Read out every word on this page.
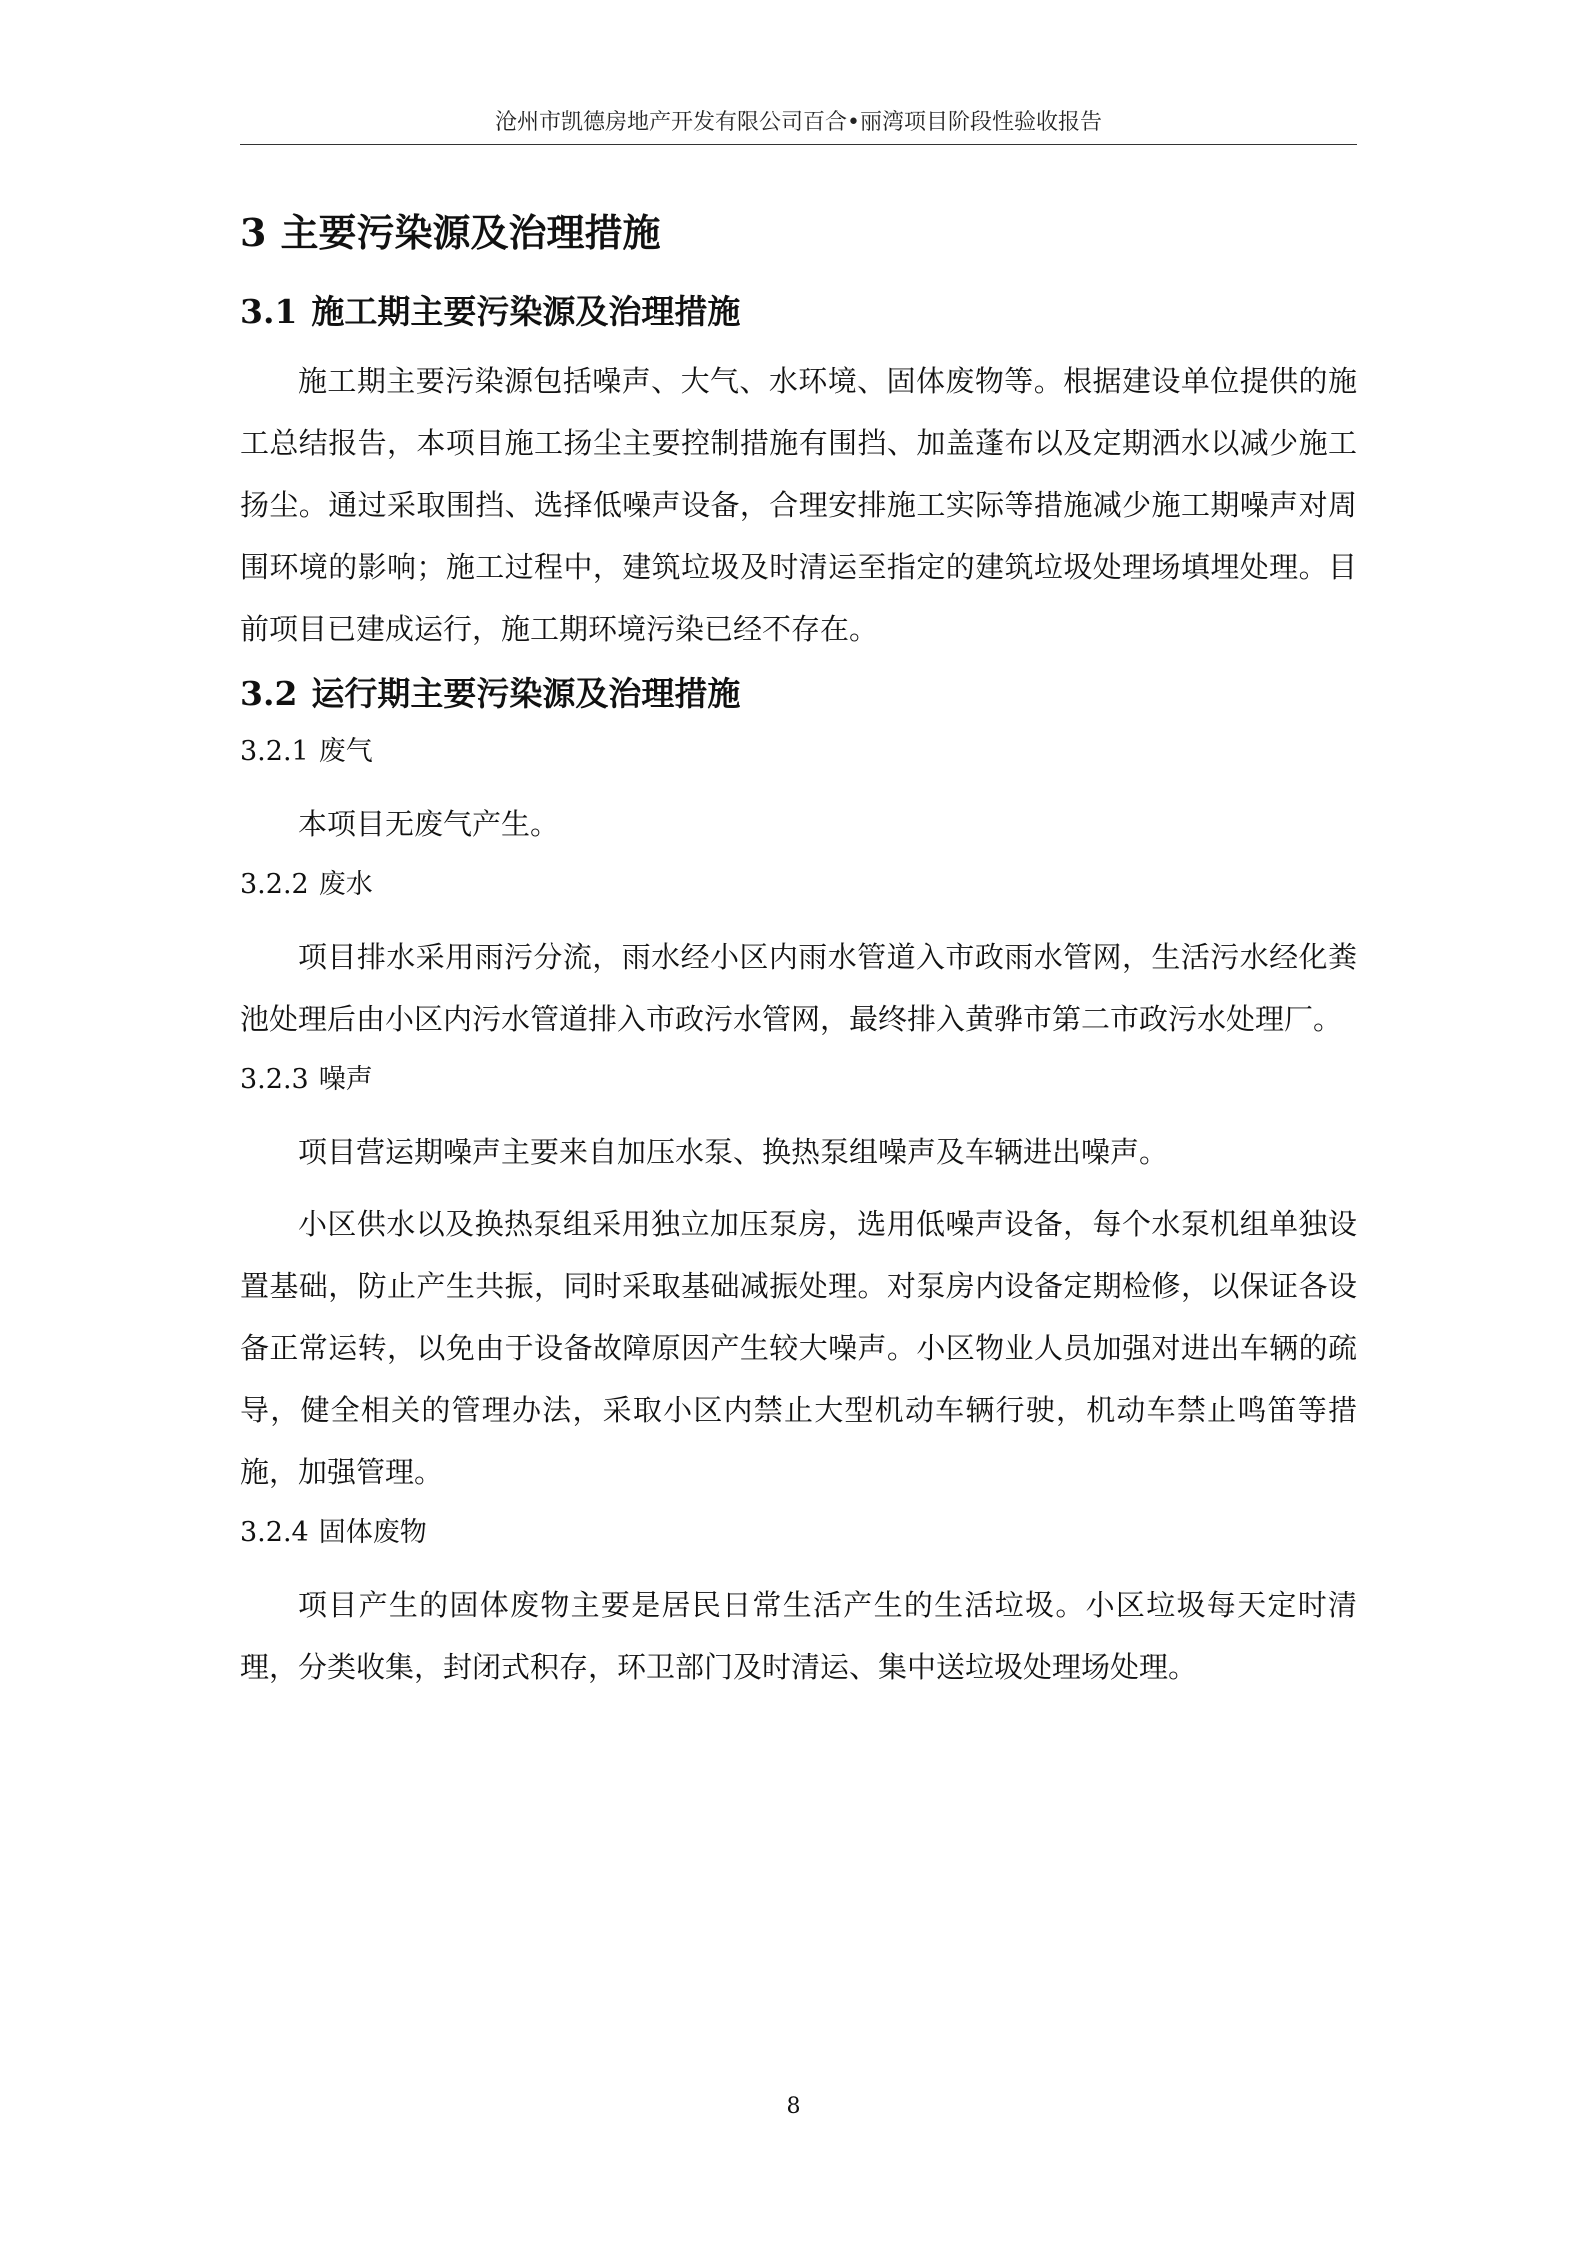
沧州市凯德房地产开发有限公司百合•丽湾项目阶段性验收报告
3 主要污染源及治理措施
3.1 施工期主要污染源及治理措施
施工期主要污染源包括噪声、大气、水环境、固体废物等。根据建设单位提供的施工总结报告，本项目施工扬尘主要控制措施有围挡、加盖蓬布以及定期洒水以减少施工扬尘。通过采取围挡、选择低噪声设备，合理安排施工实际等措施减少施工期噪声对周围环境的影响；施工过程中，建筑垃圾及时清运至指定的建筑垃圾处理场填埋处理。目前项目已建成运行，施工期环境污染已经不存在。
3.2 运行期主要污染源及治理措施
3.2.1 废气
本项目无废气产生。
3.2.2 废水
项目排水采用雨污分流，雨水经小区内雨水管道入市政雨水管网，生活污水经化粪池处理后由小区内污水管道排入市政污水管网，最终排入黄骅市第二市政污水处理厂。
3.2.3 噪声
项目营运期噪声主要来自加压水泵、换热泵组噪声及车辆进出噪声。
小区供水以及换热泵组采用独立加压泵房，选用低噪声设备，每个水泵机组单独设置基础，防止产生共振，同时采取基础减振处理。对泵房内设备定期检修，以保证各设备正常运转，以免由于设备故障原因产生较大噪声。小区物业人员加强对进出车辆的疏导，健全相关的管理办法，采取小区内禁止大型机动车辆行驶，机动车禁止鸣笛等措施，加强管理。
3.2.4 固体废物
项目产生的固体废物主要是居民日常生活产生的生活垃圾。小区垃圾每天定时清理，分类收集，封闭式积存，环卫部门及时清运、集中送垃圾处理场处理。
8
